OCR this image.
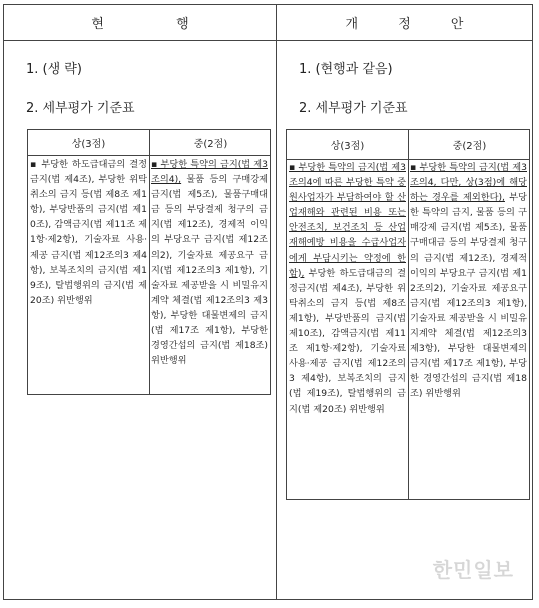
현 행
1. (생 략)
2. 세부평가 기준표
상(3점)	중(2점)

▪ 부당한 하도급대금의 결정금지(법 제4조), 부당한 위탁취소의 금지 등(법 제8조 제1항), 부당반품의 금지(법 제10조), 감액금지(법 제11조 제1항·제2항), 기술자료 사용·제공 금지(법 제12조의3 제4항), 보복조치의 금지(법 제19조), 탈법행위의 금지(법 제20조) 위반행위

▪ 부당한 특약의 금지(법 제3조의4), 물품 등의 구매강제 금지(법 제5조), 물품구매대금 등의 부당결제 청구의 금지(법 제12조), 경제적 이익의 부당요구 금지(법 제12조의2), 기술자료 제공요구 금지(법 제12조의3 제1항), 기술자료 제공받을 시 비밀유지계약 체결(법 제12조의3 제3항), 부당한 대물변제의 금지(법 제17조 제1항), 부당한 경영간섭의 금지(법 제18조) 위반행위

개 정 안
1. (현행과 같음)
2. 세부평가 기준표
상(3점)	중(2점)

▪ 부당한 특약의 금지(법 제3조의4에 따른 부당한 특약 중 원사업자가 부담하여야 할 산업재해와 관련된 비용 또는 안전조치, 보건조치 등 산업재해예방 비용을 수급사업자에게 부담시키는 약정에 한함), 부당한 하도급대금의 결정금지(법 제4조), 부당한 위탁취소의 금지 등(법 제8조 제1항), 부당반품의 금지(법 제10조), 감액금지(법 제11조 제1항·제2항), 기술자료 사용·제공 금지(법 제12조의3 제4항), 보복조치의 금지(법 제19조), 탈법행위의 금지(법 제20조) 위반행위

▪ 부당한 특약의 금지(법 제3조의4, 다만, 상(3점)에 해당하는 경우를 제외한다), 부당한 특약의 금지, 물품 등의 구매강제 금지(법 제5조), 물품구매대금 등의 부당결제 청구의 금지(법 제12조), 경제적 이익의 부당요구 금지(법 제12조의2), 기술자료 제공요구 금지(법 제12조의3 제1항), 기술자료 제공받을 시 비밀유지계약 체결(법 제12조의3 제3항), 부당한 대물변제의 금지(법 제17조 제1항), 부당한 경영간섭의 금지(법 제18조) 위반행위

한민일보
